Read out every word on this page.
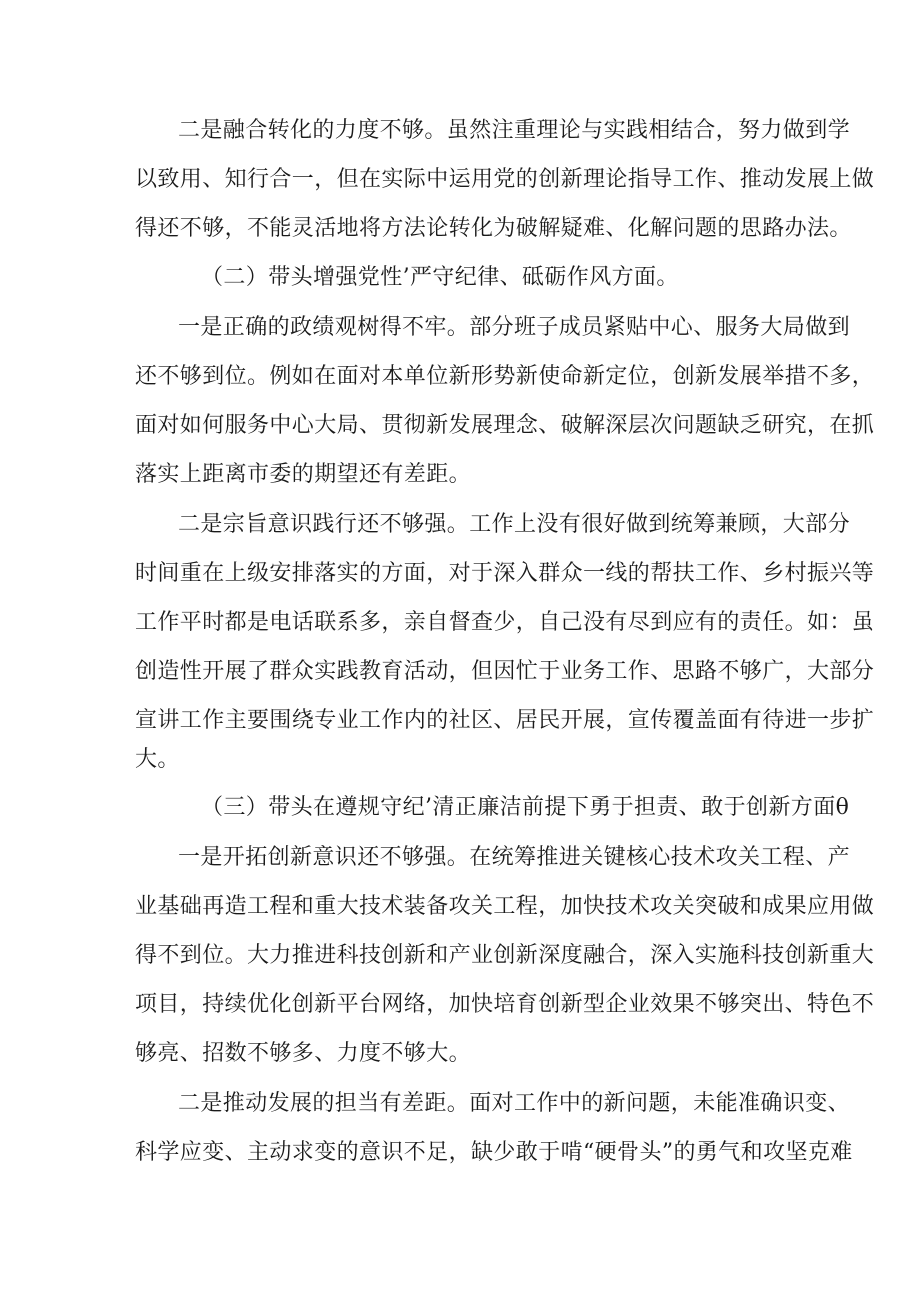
二是融合转化的力度不够。虽然注重理论与实践相结合，努力做到学
以致用、知行合一，但在实际中运用党的创新理论指导工作、推动发展上做
得还不够，不能灵活地将方法论转化为破解疑难、化解问题的思路办法。
（二）带头增强党性’严守纪律、砥砺作风方面。
一是正确的政绩观树得不牢。部分班子成员紧贴中心、服务大局做到
还不够到位。例如在面对本单位新形势新使命新定位，创新发展举措不多，
面对如何服务中心大局、贯彻新发展理念、破解深层次问题缺乏研究，在抓
落实上距离市委的期望还有差距。
二是宗旨意识践行还不够强。工作上没有很好做到统筹兼顾，大部分
时间重在上级安排落实的方面，对于深入群众一线的帮扶工作、乡村振兴等
工作平时都是电话联系多，亲自督查少，自己没有尽到应有的责任。如：虽
创造性开展了群众实践教育活动，但因忙于业务工作、思路不够广，大部分
宣讲工作主要围绕专业工作内的社区、居民开展，宣传覆盖面有待进一步扩
大。
（三）带头在遵规守纪’清正廉洁前提下勇于担责、敢于创新方面θ
一是开拓创新意识还不够强。在统筹推进关键核心技术攻关工程、产
业基础再造工程和重大技术装备攻关工程，加快技术攻关突破和成果应用做
得不到位。大力推进科技创新和产业创新深度融合，深入实施科技创新重大
项目，持续优化创新平台网络，加快培育创新型企业效果不够突出、特色不
够亮、招数不够多、力度不够大。
二是推动发展的担当有差距。面对工作中的新问题，未能准确识变、
科学应变、主动求变的意识不足，缺少敢于啃“硬骨头”的勇气和攻坚克难
